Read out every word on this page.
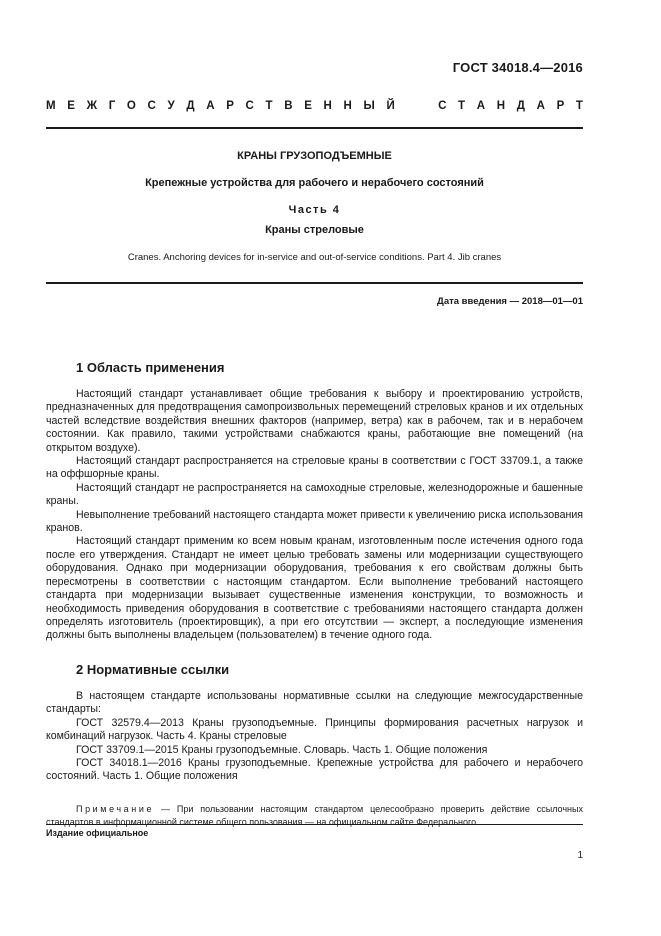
ГОСТ 34018.4—2016
М Е Ж Г О С У Д А Р С Т В Е Н Н Ы Й	С Т А Н Д А Р Т
КРАНЫ ГРУЗОПОДЪЕМНЫЕ
Крепежные устройства для рабочего и нерабочего состояний
Часть 4
Краны стреловые
Cranes. Anchoring devices for in-service and out-of-service conditions. Part 4. Jib cranes
Дата введения — 2018—01—01
1 Область применения

Настоящий стандарт устанавливает общие требования к выбору и проектированию устройств, предназначенных для предотвращения самопроизвольных перемещений стреловых кранов и их отдельных частей вследствие воздействия внешних факторов (например, ветра) как в рабочем, так и в нерабочем состоянии. Как правило, такими устройствами снабжаются краны, работающие вне помещений (на открытом воздухе).

Настоящий стандарт распространяется на стреловые краны в соответствии с ГОСТ 33709.1, а также на оффшорные краны.

Настоящий стандарт не распространяется на самоходные стреловые, железнодорожные и башенные краны.

Невыполнение требований настоящего стандарта может привести к увеличению риска использования кранов.

Настоящий стандарт применим ко всем новым кранам, изготовленным после истечения одного года после его утверждения. Стандарт не имеет целью требовать замены или модернизации существующего оборудования. Однако при модернизации оборудования, требования к его свойствам должны быть пересмотрены в соответствии с настоящим стандартом. Если выполнение требований настоящего стандарта при модернизации вызывает существенные изменения конструкции, то возможность и необходимость приведения оборудования в соответствие с требованиями настоящего стандарта должен определять изготовитель (проектировщик), а при его отсутствии — эксперт, а последующие изменения должны быть выполнены владельцем (пользователем) в течение одного года.

2 Нормативные ссылки

В настоящем стандарте использованы нормативные ссылки на следующие межгосударственные стандарты:

ГОСТ 32579.4—2013 Краны грузоподъемные. Принципы формирования расчетных нагрузок и комбинаций нагрузок. Часть 4. Краны стреловые

ГОСТ 33709.1—2015 Краны грузоподъемные. Словарь. Часть 1. Общие положения

ГОСТ 34018.1—2016 Краны грузоподъемные. Крепежные устройства для рабочего и нерабочего состояний. Часть 1. Общие положения

Примечание — При пользовании настоящим стандартом целесообразно проверить действие ссылочных стандартов в информационной системе общего пользования — на официальном сайте Федерального
Издание официальное
1
